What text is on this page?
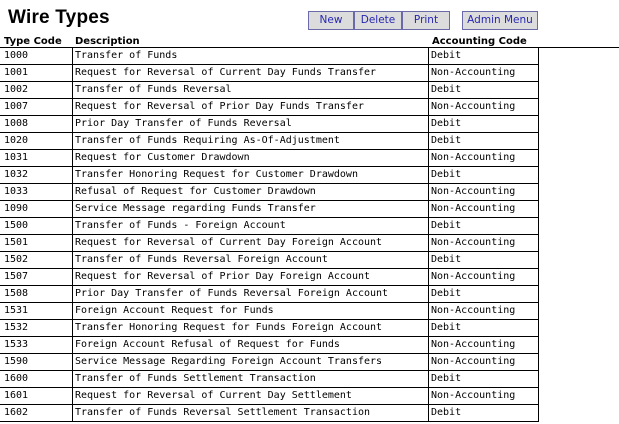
Wire Types	New	Delete	Print	Admin Menu
Type Code Description	Accounting Code
1000	Transfer of Funds	Debit
1001	Request for Reversal of Current Day Funds Transfer	Non-Accounting
1002	Transfer of Funds Reversal	Debit
1007	Request for Reversal of Prior Day Funds Transfer	Non-Accounting
1008	Prior Day Transfer of Funds Reversal	Debit
1020	Transfer of Funds Requiring As-Of-Adjustment	Debit
1031	Request for Customer Drawdown	Non-Accounting
1032	Transfer Honoring Request for Customer Drawdown	Debit
1033	Refusal of Request for Customer Drawdown	Non-Accounting
1090	Service Message regarding Funds Transfer	Non-Accounting
1500	Transfer of Funds - Foreign Account	Debit
1501	Request for Reversal of Current Day Foreign Account	Non-Accounting
1502	Transfer of Funds Reversal Foreign Account	Debit
1507	Request for Reversal of Prior Day Foreign Account	Non-Accounting
1508	Prior Day Transfer of Funds Reversal Foreign Account	Debit
1531	Foreign Account Request for Funds	Non-Accounting
1532	Transfer Honoring Request for Funds Foreign Account	Debit
1533	Foreign Account Refusal of Request for Funds	Non-Accounting
1590	Service Message Regarding Foreign Account Transfers	Non-Accounting
1600	Transfer of Funds Settlement Transaction	Debit
1601	Request for Reversal of Current Day Settlement	Non-Accounting
1602	Transfer of Funds Reversal Settlement Transaction	Debit
